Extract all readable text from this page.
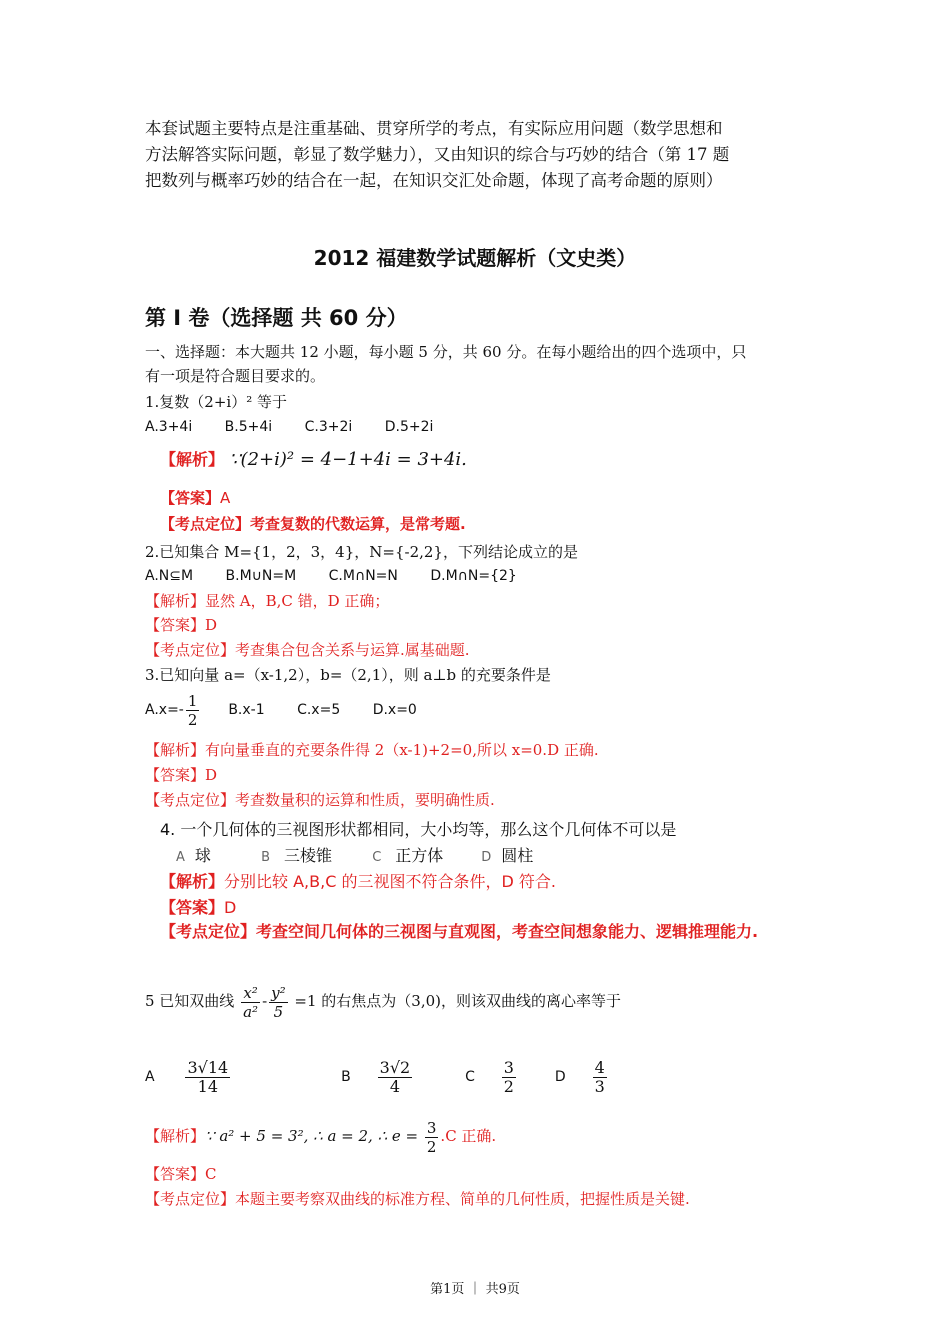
本套试题主要特点是注重基础、贯穿所学的考点，有实际应用问题（数学思想和
方法解答实际问题，彰显了数学魅力），又由知识的综合与巧妙的结合（第 17 题
把数列与概率巧妙的结合在一起，在知识交汇处命题，体现了高考命题的原则）
2012 福建数学试题解析（文史类）
第 I 卷（选择题 共 60 分）
一、选择题：本大题共 12 小题，每小题 5 分，共 60 分。在每小题给出的四个选项中，只
有一项是符合题目要求的。
1.复数（2+i）² 等于
A.3+4i B.5+4i C.3+2i D.5+2i
【解析】 ∵(2+i)² = 4−1+4i = 3+4i.
【答案】A
【考点定位】考查复数的代数运算，是常考题.
2.已知集合 M={1，2，3，4}，N={-2,2}，下列结论成立的是
A.N⊆M B.M∪N=M C.M∩N=N D.M∩N={2}
【解析】显然 A，B,C 错，D 正确；
【答案】D
【考点定位】考查集合包含关系与运算.属基础题.
3.已知向量 a=（x-1,2），b=（2,1），则 a⊥b 的充要条件是
$A.x=- \frac{1}{2} B.x-1$ C.x=5 D.x=0
【解析】有向量垂直的充要条件得 2（x-1)+2=0,所以 x=0.D 正确.
【答案】D
【考点定位】考查数量积的运算和性质，要明确性质.
4. 一个几何体的三视图形状都相同，大小均等，那么这个几何体不可以是
A 球	B 三棱锥	C 正方体	D 圆柱
【解析】分别比较 A,B,C 的三视图不符合条件，D 符合.
【答案】D
【考点定位】考查空间几何体的三视图与直观图，考查空间想象能力、逻辑推理能力.
5 已知双曲线 $\frac{\text{x²}}{\text{a²}} - \frac{\text{y²}}{5} =1$ 的右焦点为（3,0)，则该双曲线的离心率等于
A $\frac{3√14}{14}$	B $\frac{3√2}{4}$	C $\frac{3}{2}$	D $\frac{4}{3}$
【解析】∵ a² + 5 = 3², ∴ a = 2, ∴ $e = \frac{3}{2} .C$ 正确.
【答案】C
【考点定位】本题主要考察双曲线的标准方程、简单的几何性质，把握性质是关键.
第1页 ｜ 共9页
